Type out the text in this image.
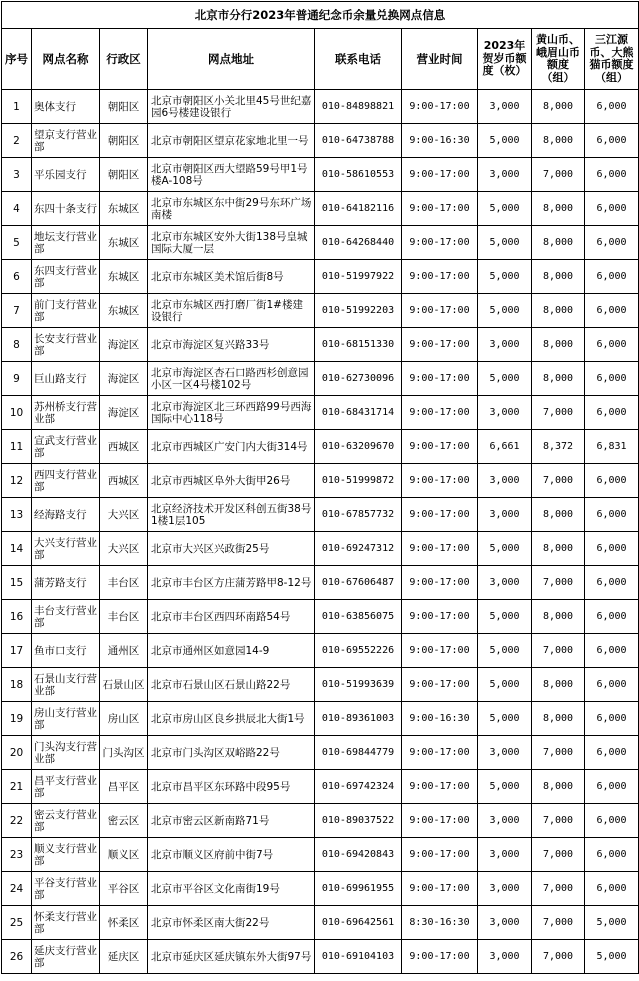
北京市分行2023年普通纪念币余量兑换网点信息								
序号	网点名称	行政区	网点地址	联系电话	营业时间	2023年贺岁币额度（枚）	黄山币、峨眉山币额度（组）	三江源币、大熊猫币额度（组）
1	奥体支行	朝阳区	北京市朝阳区小关北里45号世纪嘉园6号楼建设银行	010-84898821	9:00-17:00	3,000	8,000	6,000
2	望京支行营业部	朝阳区	北京市朝阳区望京花家地北里一号	010-64738788	9:00-16:30	5,000	8,000	6,000
3	平乐园支行	朝阳区	北京市朝阳区西大望路59号甲1号楼A-108号	010-58610553	9:00-17:00	3,000	7,000	6,000
4	东四十条支行	东城区	北京市东城区东中街29号东环广场南楼	010-64182116	9:00-17:00	5,000	8,000	6,000
5	地坛支行营业部	东城区	北京市东城区安外大街138号皇城国际大厦一层	010-64268440	9:00-17:00	5,000	8,000	6,000
6	东四支行营业部	东城区	北京市东城区美术馆后街8号	010-51997922	9:00-17:00	5,000	8,000	6,000
7	前门支行营业部	东城区	北京市东城区西打磨厂街1#楼建设银行	010-51992203	9:00-17:00	5,000	8,000	6,000
8	长安支行营业部	海淀区	北京市海淀区复兴路33号	010-68151330	9:00-17:00	3,000	8,000	6,000
9	巨山路支行	海淀区	北京市海淀区杏石口路西杉创意园小区一区4号楼102号	010-62730096	9:00-17:00	5,000	8,000	6,000
10	苏州桥支行营业部	海淀区	北京市海淀区北三环西路99号西海国际中心118号	010-68431714	9:00-17:00	3,000	7,000	6,000
11	宣武支行营业部	西城区	北京市西城区广安门内大街314号	010-63209670	9:00-17:00	6,661	8,372	6,831
12	西四支行营业部	西城区	北京市西城区阜外大街甲26号	010-51999872	9:00-17:00	3,000	7,000	6,000
13	经海路支行	大兴区	北京经济技术开发区科创五街38号1楼1层105	010-67857732	9:00-17:00	3,000	8,000	6,000
14	大兴支行营业部	大兴区	北京市大兴区兴政街25号	010-69247312	9:00-17:00	5,000	8,000	6,000
15	蒲芳路支行	丰台区	北京市丰台区方庄蒲芳路甲8-12号	010-67606487	9:00-17:00	3,000	7,000	6,000
16	丰台支行营业部	丰台区	北京市丰台区西四环南路54号	010-63856075	9:00-17:00	5,000	8,000	6,000
17	鱼市口支行	通州区	北京市通州区如意园14-9	010-69552226	9:00-17:00	5,000	7,000	6,000
18	石景山支行营业部	石景山区	北京市石景山区石景山路22号	010-51993639	9:00-17:00	5,000	8,000	6,000
19	房山支行营业部	房山区	北京市房山区良乡拱辰北大街1号	010-89361003	9:00-16:30	5,000	8,000	6,000
20	门头沟支行营业部	门头沟区	北京市门头沟区双峪路22号	010-69844779	9:00-17:00	3,000	7,000	6,000
21	昌平支行营业部	昌平区	北京市昌平区东环路中段95号	010-69742324	9:00-17:00	5,000	8,000	6,000
22	密云支行营业部	密云区	北京市密云区新南路71号	010-89037522	9:00-17:00	3,000	7,000	6,000
23	顺义支行营业部	顺义区	北京市顺义区府前中街7号	010-69420843	9:00-17:00	3,000	7,000	6,000
24	平谷支行营业部	平谷区	北京市平谷区文化南街19号	010-69961955	9:00-17:00	3,000	7,000	6,000
25	怀柔支行营业部	怀柔区	北京市怀柔区南大街22号	010-69642561	8:30-16:30	3,000	7,000	5,000
26	延庆支行营业部	延庆区	北京市延庆区延庆镇东外大街97号	010-69104103	9:00-17:00	3,000	7,000	5,000
